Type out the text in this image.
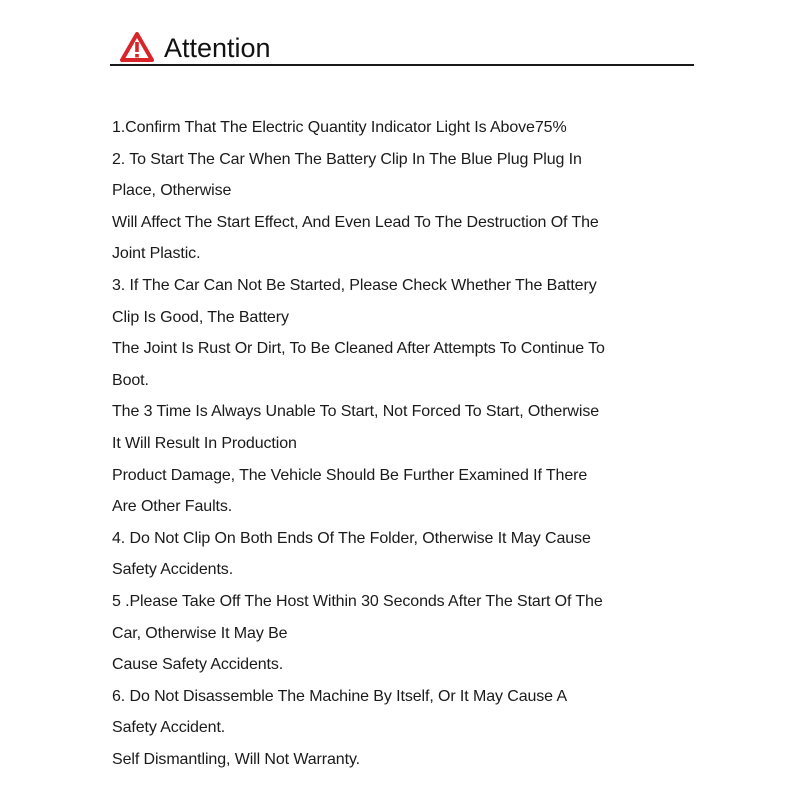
Attention
1.Confirm That The Electric Quantity Indicator Light Is Above75%
2. To Start The Car When The Battery Clip In The Blue Plug Plug In
Place, Otherwise
Will Affect The Start Effect, And Even Lead To The Destruction Of The
Joint Plastic.
3. If The Car Can Not Be Started, Please Check Whether The Battery
Clip Is Good, The Battery
The Joint Is Rust Or Dirt, To Be Cleaned After Attempts To Continue To
Boot.
The 3 Time Is Always Unable To Start, Not Forced To Start, Otherwise
It Will Result In Production
Product Damage, The Vehicle Should Be Further Examined If There
Are Other Faults.
4. Do Not Clip On Both Ends Of The Folder, Otherwise It May Cause
Safety Accidents.
5 .Please Take Off The Host Within 30 Seconds After The Start Of The
Car, Otherwise It May Be
Cause Safety Accidents.
6. Do Not Disassemble The Machine By Itself, Or It May Cause A
Safety Accident.
Self Dismantling, Will Not Warranty.
